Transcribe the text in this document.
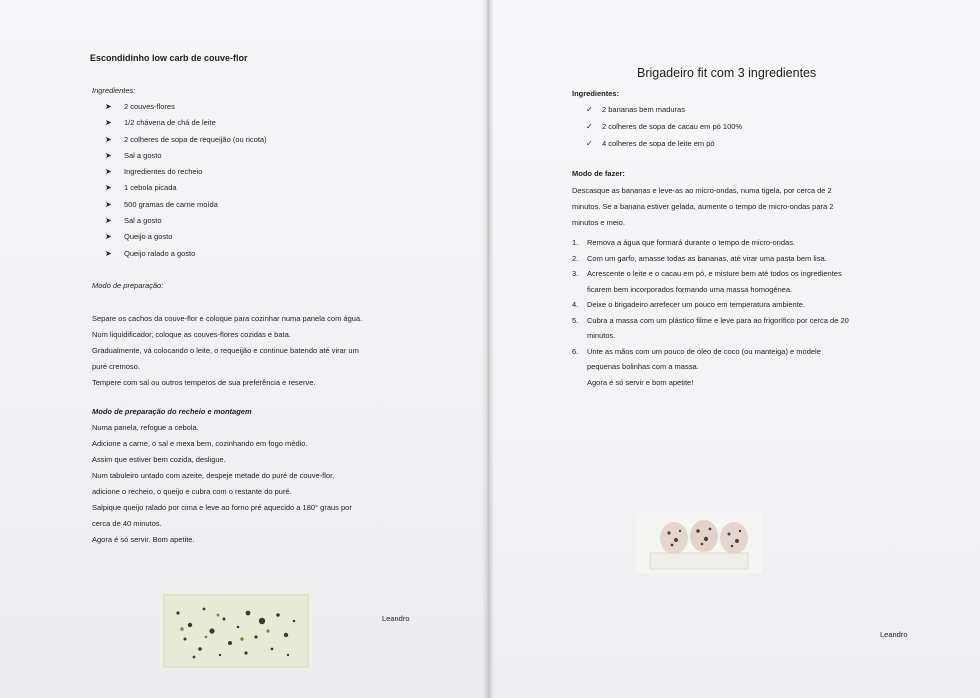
Escondidinho low carb de couve-flor
Ingredientes:
➤ 2 couves-flores
➤ 1/2 chávena de chá de leite
➤ 2 colheres de sopa de requeijão (ou ricota)
➤ Sal a gosto
➤ Ingredientes do recheio
➤ 1 cebola picada
➤ 500 gramas de carne moída
➤ Sal a gosto
➤ Queijo a gosto
➤ Queijo ralado a gosto
Modo de preparação:
Separe os cachos da couve-flor e coloque para cozinhar numa panela com água.
Num liquidificador, coloque as couves-flores cozidas e bata.
Gradualmente, vá colocando o leite, o requeijão e continue batendo até virar um
puré cremoso.
Tempere com sal ou outros temperos de sua preferência e reserve.
Modo de preparação do recheio e montagem
Numa panela, refogue a cebola.
Adicione a carne, o sal e mexa bem, cozinhando em fogo médio.
Assim que estiver bem cozida, desligue.
Num tabuleiro untado com azeite, despeje metade do puré de couve-flor,
adicione o recheio, o queijo e cubra com o restante do puré.
Salpique queijo ralado por cima e leve ao forno pré aquecido a 180° graus por
cerca de 40 minutos.
Agora é só servir. Bom apetite.
Leandro
Brigadeiro fit com 3 ingredientes
Ingredientes:
✓ 2 bananas bem maduras
✓ 2 colheres de sopa de cacau em pó 100%
✓ 4 colheres de sopa de leite em pó
Modo de fazer:
Descasque as bananas e leve-as ao micro-ondas, numa tigela, por cerca de 2
minutos. Se a banana estiver gelada, aumente o tempo de micro-ondas para 2
minutos e meio.
1. Remova a água que formará durante o tempo de micro-ondas.
2. Com um garfo, amasse todas as bananas, até virar uma pasta bem lisa.
3. Acrescente o leite e o cacau em pó, e misture bem até todos os ingredientes
ficarem bem incorporados formando uma massa homogénea.
4. Deixe o brigadeiro arrefecer um pouco em temperatura ambiente.
5. Cubra a massa com um plástico filme e leve para ao frigorífico por cerca de 20
minutos.
6. Unte as mãos com um pouco de óleo de coco (ou manteiga) e modele
pequenas bolinhas com a massa.
Agora é só servir e bom apetite!
Leandro
